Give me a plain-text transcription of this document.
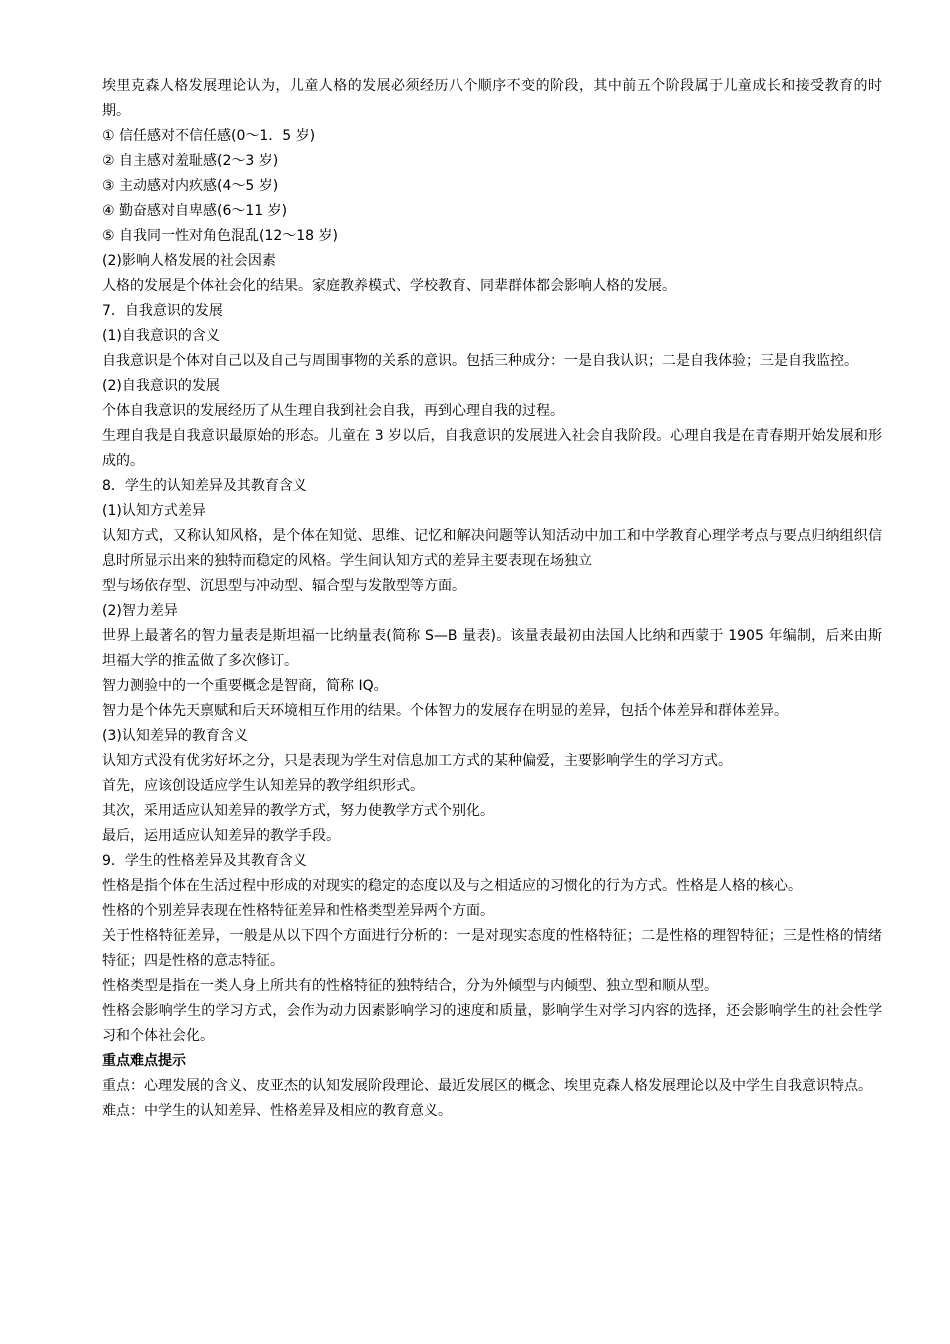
埃里克森人格发展理论认为，儿童人格的发展必须经历八个顺序不变的阶段，其中前五个阶段属于儿童成长和接受教育的时期。

① 信任感对不信任感(0～1．5 岁)

② 自主感对羞耻感(2～3 岁)

③ 主动感对内疚感(4～5 岁)

④ 勤奋感对自卑感(6～11 岁)

⑤ 自我同一性对角色混乱(12～18 岁)

(2)影响人格发展的社会因素

人格的发展是个体社会化的结果。家庭教养模式、学校教育、同辈群体都会影响人格的发展。

7．自我意识的发展

(1)自我意识的含义

自我意识是个体对自己以及自己与周围事物的关系的意识。包括三种成分：一是自我认识；二是自我体验；三是自我监控。

(2)自我意识的发展

个体自我意识的发展经历了从生理自我到社会自我，再到心理自我的过程。

生理自我是自我意识最原始的形态。儿童在 3 岁以后，自我意识的发展进入社会自我阶段。心理自我是在青春期开始发展和形成的。

8．学生的认知差异及其教育含义

(1)认知方式差异

认知方式，又称认知风格，是个体在知觉、思维、记忆和解决问题等认知活动中加工和中学教育心理学考点与要点归纳组织信息时所显示出来的独特而稳定的风格。学生间认知方式的差异主要表现在场独立

型与场依存型、沉思型与冲动型、辐合型与发散型等方面。

(2)智力差异

世界上最著名的智力量表是斯坦福一比纳量表(简称 S—B 量表)。该量表最初由法国人比纳和西蒙于 1905 年编制，后来由斯坦福大学的推孟做了多次修订。

智力测验中的一个重要概念是智商，简称 IQ。

智力是个体先天禀赋和后天环境相互作用的结果。个体智力的发展存在明显的差异，包括个体差异和群体差异。

(3)认知差异的教育含义

认知方式没有优劣好坏之分，只是表现为学生对信息加工方式的某种偏爱，主要影响学生的学习方式。

首先，应该创设适应学生认知差异的教学组织形式。

其次，采用适应认知差异的教学方式，努力使教学方式个别化。

最后，运用适应认知差异的教学手段。

9．学生的性格差异及其教育含义

性格是指个体在生活过程中形成的对现实的稳定的态度以及与之相适应的习惯化的行为方式。性格是人格的核心。

性格的个别差异表现在性格特征差异和性格类型差异两个方面。

关于性格特征差异，一般是从以下四个方面进行分析的：一是对现实态度的性格特征；二是性格的理智特征；三是性格的情绪特征；四是性格的意志特征。

性格类型是指在一类人身上所共有的性格特征的独特结合，分为外倾型与内倾型、独立型和顺从型。

性格会影响学生的学习方式，会作为动力因素影响学习的速度和质量，影响学生对学习内容的选择，还会影响学生的社会性学习和个体社会化。

重点难点提示

重点：心理发展的含义、皮亚杰的认知发展阶段理论、最近发展区的概念、埃里克森人格发展理论以及中学生自我意识特点。

难点：中学生的认知差异、性格差异及相应的教育意义。
